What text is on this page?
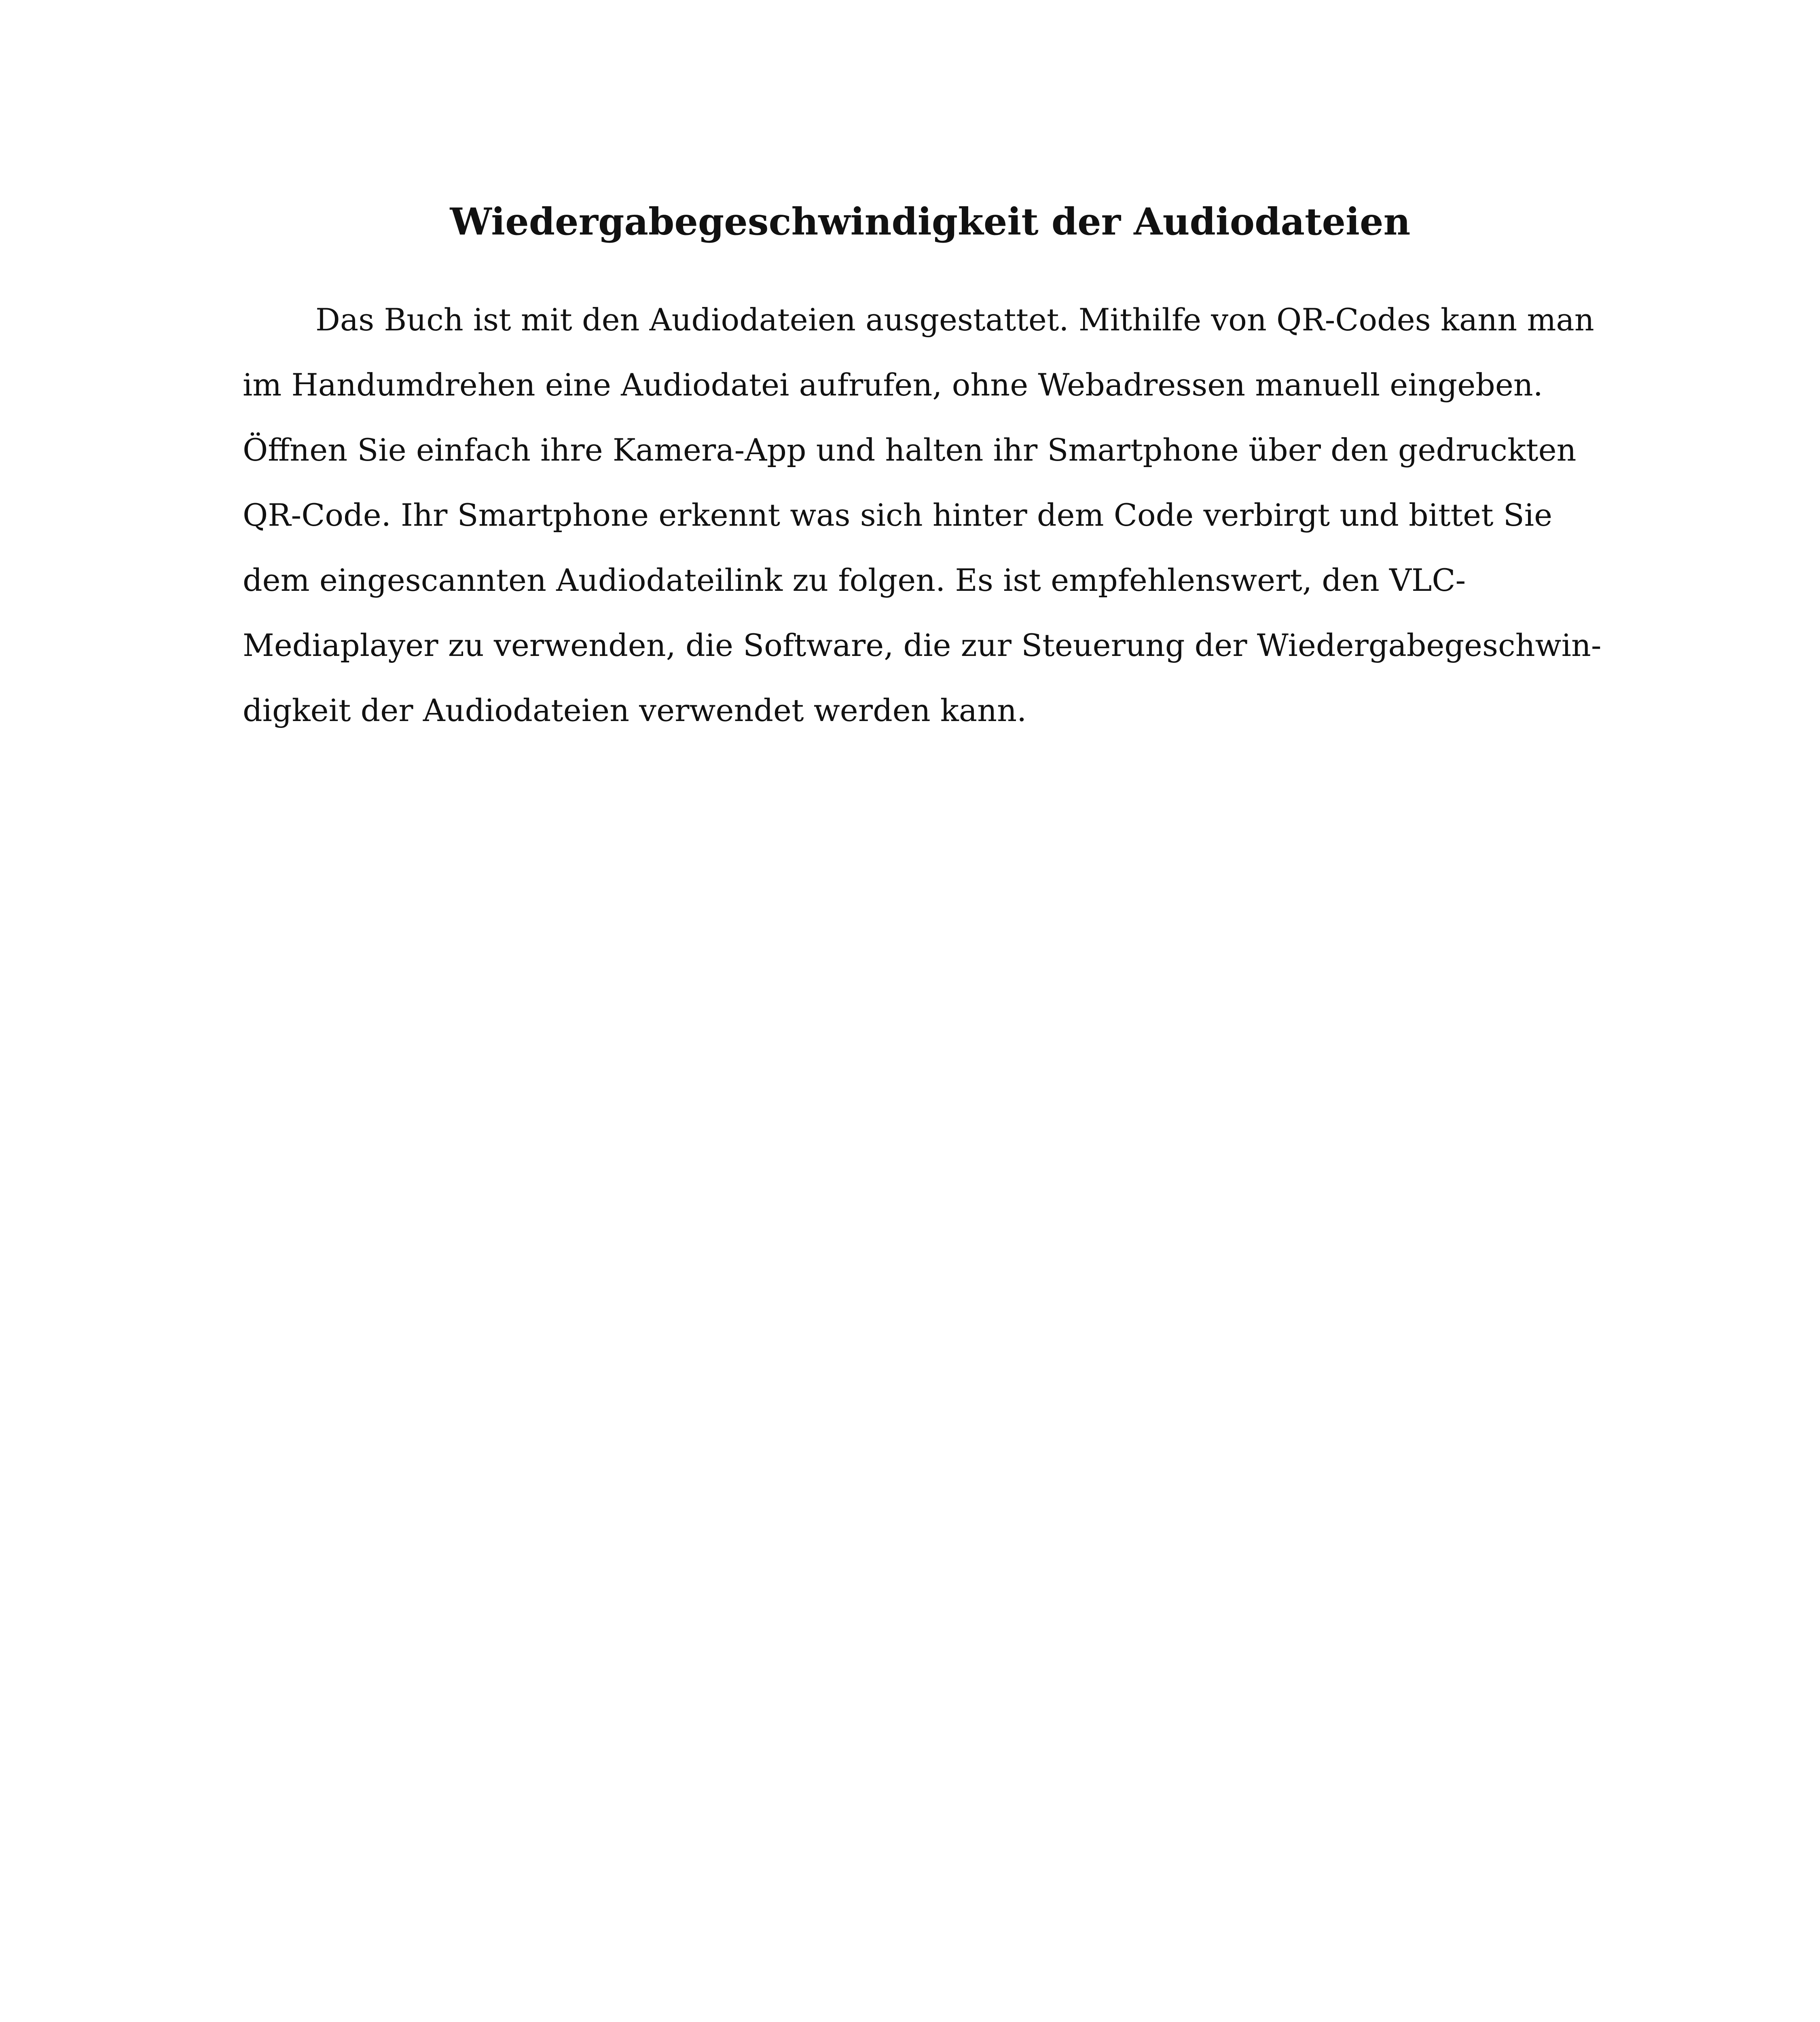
Wiedergabegeschwindigkeit der Audiodateien
Das Buch ist mit den Audiodateien ausgestattet. Mithilfe von QR-Codes kann man
im Handumdrehen eine Audiodatei aufrufen, ohne Webadressen manuell eingeben.
Öffnen Sie einfach ihre Kamera-App und halten ihr Smartphone über den gedruckten
QR-Code. Ihr Smartphone erkennt was sich hinter dem Code verbirgt und bittet Sie
dem eingescannten Audiodateilink zu folgen. Es ist empfehlenswert, den VLC-
Mediaplayer zu verwenden, die Software, die zur Steuerung der Wiedergabegeschwin-
digkeit der Audiodateien verwendet werden kann.
